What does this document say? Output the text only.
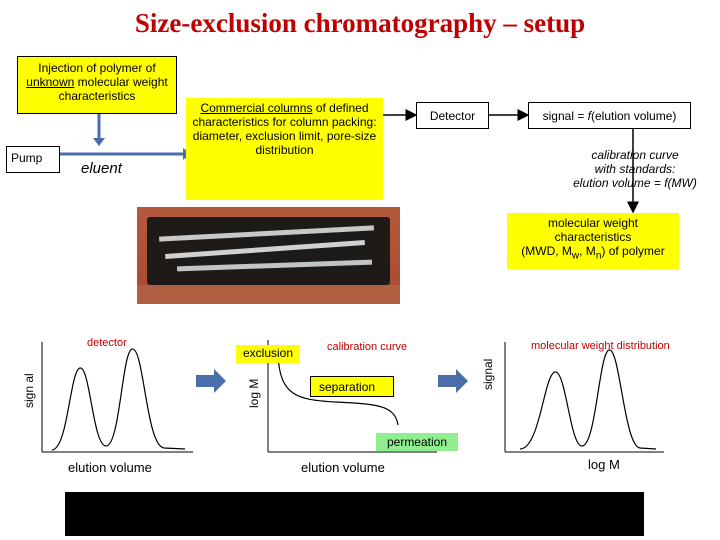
Size-exclusion chromatography – setup
Injection of polymer of unknown molecular weight characteristics
Pump
eluent
Commercial columns of defined characteristics for column packing:
diameter, exclusion limit, pore-size distribution
Detector	signal = f(elution volume)
calibration curve
with standards:
elution volume = f(MW)
molecular weight
characteristics
(MWD, $M_w$, $M_n$) of polymer
detector
sign al
elution volume
calibration curve
exclusion
log M	separation
permeation
elution volume
molecular weight distribution
signal
log M
